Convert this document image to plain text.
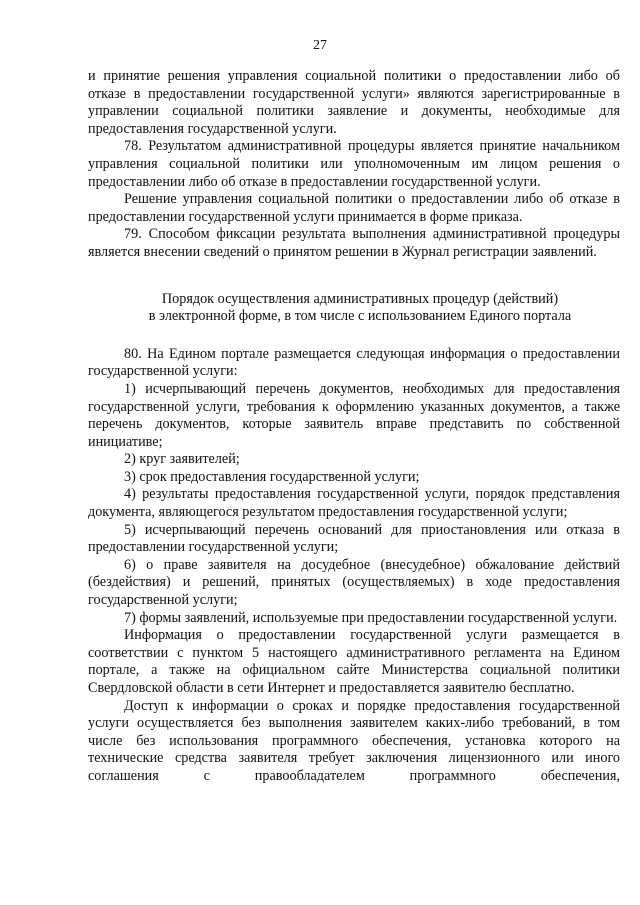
27

и принятие решения управления социальной политики о предоставлении либо об отказе в предоставлении государственной услуги» являются зарегистрированные в управлении социальной политики заявление и документы, необходимые для предоставления государственной услуги.

78. Результатом административной процедуры является принятие начальником управления социальной политики или уполномоченным им лицом решения о предоставлении либо об отказе в предоставлении государственной услуги.

Решение управления социальной политики о предоставлении либо об отказе в предоставлении государственной услуги принимается в форме приказа.

79. Способом фиксации результата выполнения административной процедуры является внесении сведений о принятом решении в Журнал регистрации заявлений.

Порядок осуществления административных процедур (действий)

в электронной форме, в том числе с использованием Единого портала

80. На Едином портале размещается следующая информация о предоставлении государственной услуги:

1) исчерпывающий перечень документов, необходимых для предоставления государственной услуги, требования к оформлению указанных документов, а также перечень документов, которые заявитель вправе представить по собственной инициативе;

2) круг заявителей;

3) срок предоставления государственной услуги;

4) результаты предоставления государственной услуги, порядок представления документа, являющегося результатом предоставления государственной услуги;

5) исчерпывающий перечень оснований для приостановления или отказа в предоставлении государственной услуги;

6) о праве заявителя на досудебное (внесудебное) обжалование действий (бездействия) и решений, принятых (осуществляемых) в ходе предоставления государственной услуги;

7) формы заявлений, используемые при предоставлении государственной услуги.

Информация о предоставлении государственной услуги размещается в соответствии с пунктом 5 настоящего административного регламента на Едином портале, а также на официальном сайте Министерства социальной политики Свердловской области в сети Интернет и предоставляется заявителю бесплатно.

Доступ к информации о сроках и порядке предоставления государственной услуги осуществляется без выполнения заявителем каких-либо требований, в том числе без использования программного обеспечения, установка которого на технические средства заявителя требует заключения лицензионного или иного соглашения с правообладателем программного обеспечения,
